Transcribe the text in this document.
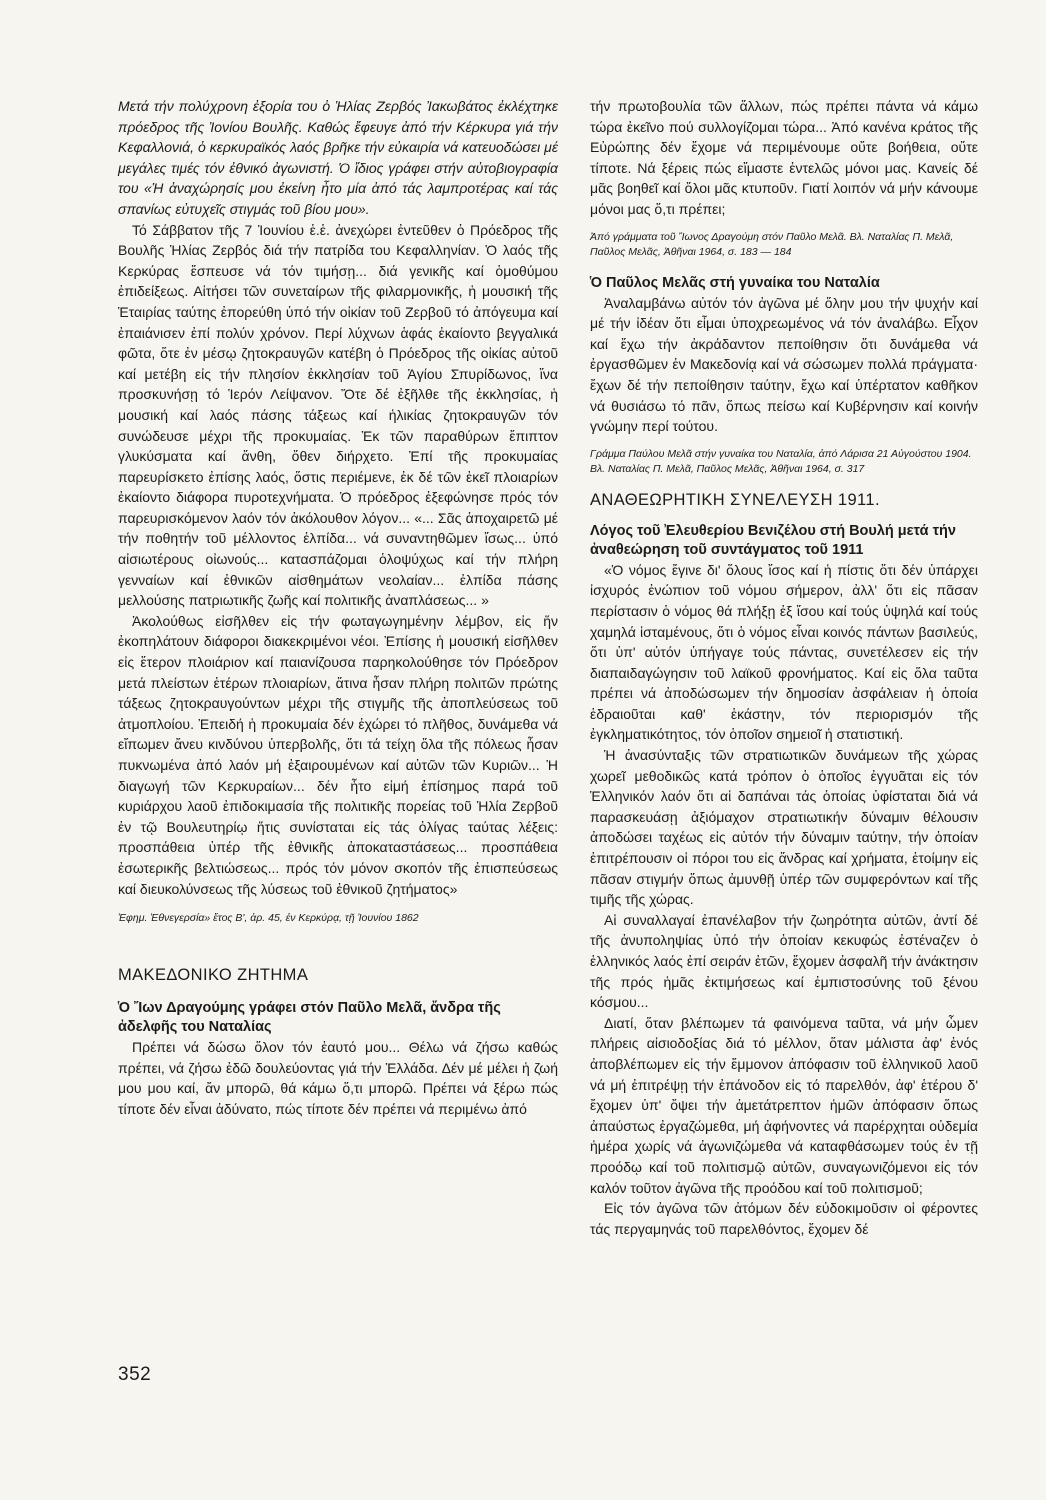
Μετά τήν πολύχρονη ἐξορία του ὁ Ἡλίας Ζερβός Ἰακωβάτος ἐκλέχτηκε πρόεδρος τῆς Ἰονίου Βουλῆς. Καθώς ἔφευγε ἀπό τήν Κέρκυρα γιά τήν Κεφαλλονιά, ὁ κερκυραϊκός λαός βρῆκε τήν εὐκαιρία νά κατευοδώσει μέ μεγάλες τιμές τόν ἐθνικό ἀγωνιστή. Ὁ ἴδιος γράφει στήν αὐτοβιογραφία του «Ἡ ἀναχώρησίς μου ἐκείνη ἦτο μία ἀπό τάς λαμπροτέρας καί τάς σπανίως εὐτυχεῖς στιγμάς τοῦ βίου μου».

Τό Σάββατον τῆς 7 Ἰουνίου ἑ.ἑ. ἀνεχώρει ἐντεῦθεν ὁ Πρόεδρος τῆς Βουλῆς Ἡλίας Ζερβός διά τήν πατρίδα του Κεφαλληνίαν. Ὁ λαός τῆς Κερκύρας ἔσπευσε νά τόν τιμήσῃ... διά γενικῆς καί ὁμοθύμου ἐπιδείξεως. Αἰτήσει τῶν συνεταίρων τῆς φιλαρμονικῆς, ἡ μουσική τῆς Ἑταιρίας ταύτης ἐπορεύθη ὑπό τήν οἰκίαν τοῦ Ζερβοῦ τό ἀπόγευμα καί ἐπαιάνισεν ἐπί πολύν χρόνον. Περί λύχνων ἁφάς ἐκαίοντο βεγγαλικά φῶτα, ὅτε ἐν μέσῳ ζητοκραυγῶν κατέβη ὁ Πρόεδρος τῆς οἰκίας αὐτοῦ καί μετέβη εἰς τήν πλησίον ἐκκλησίαν τοῦ Ἁγίου Σπυρίδωνος, ἵνα προσκυνήσῃ τό Ἱερόν Λείψανον. Ὅτε δέ ἐξῆλθε τῆς ἐκκλησίας, ἡ μουσική καί λαός πάσης τάξεως καί ἡλικίας ζητοκραυγῶν τόν συνώδευσε μέχρι τῆς προκυμαίας. Ἐκ τῶν παραθύρων ἔπιπτον γλυκύσματα καί ἄνθη, ὅθεν διήρχετο. Ἐπί τῆς προκυμαίας παρευρίσκετο ἐπίσης λαός, ὅστις περιέμενε, ἐκ δέ τῶν ἐκεῖ πλοιαρίων ἐκαίοντο διάφορα πυροτεχνήματα. Ὁ πρόεδρος ἐξεφώνησε πρός τόν παρευρισκόμενον λαόν τόν ἀκόλουθον λόγον... «... Σᾶς ἀποχαιρετῶ μέ τήν ποθητήν τοῦ μέλλοντος ἐλπίδα... νά συναντηθῶμεν ἴσως... ὑπό αἰσιωτέρους οἰωνούς... κατασπάζομαι ὁλοψύχως καί τήν πλήρη γενναίων καί ἐθνικῶν αἰσθημάτων νεολαίαν... ἐλπίδα πάσης μελλούσης πατριωτικῆς ζωῆς καί πολιτικῆς ἀναπλάσεως... »

Ἀκολούθως εἰσῆλθεν εἰς τήν φωταγωγημένην λέμβον, εἰς ἥν ἐκοπηλάτουν διάφοροι διακεκριμένοι νέοι. Ἐπίσης ἡ μουσική εἰσῆλθεν εἰς ἕτερον πλοιάριον καί παιανίζουσα παρηκολούθησε τόν Πρόεδρον μετά πλείστων ἑτέρων πλοιαρίων, ἅτινα ἦσαν πλήρη πολιτῶν πρώτης τάξεως ζητοκραυγούντων μέχρι τῆς στιγμῆς τῆς ἀποπλεύσεως τοῦ ἀτμοπλοίου. Ἐπειδή ἡ προκυμαία δέν ἐχώρει τό πλῆθος, δυνάμεθα νά εἴπωμεν ἄνευ κινδύνου ὑπερβολῆς, ὅτι τά τείχη ὅλα τῆς πόλεως ἦσαν πυκνωμένα ἀπό λαόν μή ἐξαιρουμένων καί αὐτῶν τῶν Κυριῶν... Ἡ διαγωγή τῶν Κερκυραίων... δέν ἦτο εἰμή ἐπίσημος παρά τοῦ κυριάρχου λαοῦ ἐπιδοκιμασία τῆς πολιτικῆς πορείας τοῦ Ἡλία Ζερβοῦ ἐν τῷ Βουλευτηρίῳ ἥτις συνίσταται εἰς τάς ὀλίγας ταύτας λέξεις: προσπάθεια ὑπέρ τῆς ἐθνικῆς ἀποκαταστάσεως... προσπάθεια ἐσωτερικῆς βελτιώσεως... πρός τόν μόνον σκοπόν τῆς ἐπισπεύσεως καί διευκολύνσεως τῆς λύσεως τοῦ ἐθνικοῦ ζητήματος»

Ἐφημ. Ἐθνεγερσία» ἔτος Β', ἀρ. 45, ἐν Κερκύρᾳ, τῇ Ἰουνίου 1862

ΜΑΚΕΔΟΝΙΚΟ ΖΗΤΗΜΑ

Ὁ Ἴων Δραγούμης γράφει στόν Παῦλο Μελᾶ, ἄνδρα τῆς ἀδελφῆς του Ναταλίας

Πρέπει νά δώσω ὅλον τόν ἑαυτό μου... Θέλω νά ζήσω καθώς πρέπει, νά ζήσω ἐδῶ δουλεύοντας γιά τήν Ἑλλάδα. Δέν μέ μέλει ἡ ζωή μου μου καί, ἄν μπορῶ, θά κάμω ὅ,τι μπορῶ. Πρέπει νά ξέρω πώς τίποτε δέν εἶναι ἀδύνατο, πώς τίποτε δέν πρέπει νά περιμένω ἀπό

τήν πρωτοβουλία τῶν ἄλλων, πώς πρέπει πάντα νά κάμω τώρα ἐκεῖνο πού συλλογίζομαι τώρα... Ἀπό κανένα κράτος τῆς Εὐρώπης δέν ἔχομε νά περιμένουμε οὔτε βοήθεια, οὔτε τίποτε. Νά ξέρεις πώς εἴμαστε ἐντελῶς μόνοι μας. Κανείς δέ μᾶς βοηθεῖ καί ὅλοι μᾶς κτυποῦν. Γιατί λοιπόν νά μήν κάνουμε μόνοι μας ὅ,τι πρέπει;

Ἀπό γράμματα τοῦ Ἴωνος Δραγούμη στόν Παῦλο Μελᾶ. Βλ. Ναταλίας Π. Μελᾶ, Παῦλος Μελᾶς, Ἀθῆναι 1964, σ. 183 — 184

Ὁ Παῦλος Μελᾶς στή γυναίκα του Ναταλία

Ἀναλαμβάνω αὐτόν τόν ἀγῶνα μέ ὅλην μου τήν ψυχήν καί μέ τήν ἰδέαν ὅτι εἶμαι ὑποχρεωμένος νά τόν ἀναλάβω. Εἶχον καί ἔχω τήν ἀκράδαντον πεποίθησιν ὅτι δυνάμεθα νά ἐργασθῶμεν ἐν Μακεδονίᾳ καί νά σώσωμεν πολλά πράγματα· ἔχων δέ τήν πεποίθησιν ταύτην, ἔχω καί ὑπέρτατον καθῆκον νά θυσιάσω τό πᾶν, ὅπως πείσω καί Κυβέρνησιν καί κοινήν γνώμην περί τούτου.

Γράμμα Παύλου Μελᾶ στήν γυναίκα του Ναταλία, ἀπό Λάρισα 21 Αὐγούστου 1904. Βλ. Ναταλίας Π. Μελᾶ, Παῦλος Μελᾶς, Ἀθῆναι 1964, σ. 317

ΑΝΑΘΕΩΡΗΤΙΚΗ ΣΥΝΕΛΕΥΣΗ 1911.

Λόγος τοῦ Ἐλευθερίου Βενιζέλου στή Βουλή μετά τήν ἀναθεώρηση τοῦ συντάγματος τοῦ 1911

«Ὁ νόμος ἔγινε δι' ὅλους ἴσος καί ἡ πίστις ὅτι δέν ὑπάρχει ἰσχυρός ἐνώπιον τοῦ νόμου σήμερον, ἀλλ' ὅτι εἰς πᾶσαν περίστασιν ὁ νόμος θά πλήξῃ ἐξ ἴσου καί τούς ὑψηλά καί τούς χαμηλά ἱσταμένους, ὅτι ὁ νόμος εἶναι κοινός πάντων βασιλεύς, ὅτι ὑπ' αὐτόν ὑπήγαγε τούς πάντας, συνετέλεσεν εἰς τήν διαπαιδαγώγησιν τοῦ λαϊκοῦ φρονήματος. Καί εἰς ὅλα ταῦτα πρέπει νά ἀποδώσωμεν τήν δημοσίαν ἀσφάλειαν ἡ ὁποία ἑδραιοῦται καθ' ἑκάστην, τόν περιορισμόν τῆς ἐγκληματικότητος, τόν ὁποῖον σημειοῖ ἡ στατιστική.

Ἡ ἀνασύνταξις τῶν στρατιωτικῶν δυνάμεων τῆς χώρας χωρεῖ μεθοδικῶς κατά τρόπον ὁ ὁποῖος ἐγγυᾶται εἰς τόν Ἑλληνικόν λαόν ὅτι αἱ δαπάναι τάς ὁποίας ὑφίσταται διά νά παρασκευάσῃ ἀξιόμαχον στρατιωτικήν δύναμιν θέλουσιν ἀποδώσει ταχέως εἰς αὐτόν τήν δύναμιν ταύτην, τήν ὁποίαν ἐπιτρέπουσιν οἱ πόροι του εἰς ἄνδρας καί χρήματα, ἑτοίμην εἰς πᾶσαν στιγμήν ὅπως ἀμυνθῇ ὑπέρ τῶν συμφερόντων καί τῆς τιμῆς τῆς χώρας.

Αἱ συναλλαγαί ἐπανέλαβον τήν ζωηρότητα αὐτῶν, ἀντί δέ τῆς ἀνυποληψίας ὑπό τήν ὁποίαν κεκυφώς ἐστέναζεν ὁ ἑλληνικός λαός ἐπί σειράν ἐτῶν, ἔχομεν ἀσφαλῆ τήν ἀνάκτησιν τῆς πρός ἡμᾶς ἐκτιμήσεως καί ἐμπιστοσύνης τοῦ ξένου κόσμου...

Διατί, ὅταν βλέπωμεν τά φαινόμενα ταῦτα, νά μήν ὦμεν πλήρεις αἰσιοδοξίας διά τό μέλλον, ὅταν μάλιστα ἀφ' ἑνός ἀποβλέπωμεν εἰς τήν ἔμμονον ἀπόφασιν τοῦ ἑλληνικοῦ λαοῦ νά μή ἐπιτρέψῃ τήν ἐπάνοδον εἰς τό παρελθόν, ἀφ' ἑτέρου δ' ἔχομεν ὑπ' ὄψει τήν ἀμετάτρεπτον ἡμῶν ἀπόφασιν ὅπως ἀπαύστως ἐργαζώμεθα, μή ἀφήνοντες νά παρέρχηται οὐδεμία ἡμέρα χωρίς νά ἀγωνιζώμεθα νά καταφθάσωμεν τούς ἐν τῇ προόδῳ καί τοῦ πολιτισμῷ αὐτῶν, συναγωνιζόμενοι εἰς τόν καλόν τοῦτον ἀγῶνα τῆς προόδου καί τοῦ πολιτισμοῦ;

Εἰς τόν ἀγῶνα τῶν ἀτόμων δέν εὐδοκιμοῦσιν οἱ φέροντες τάς περγαμηνάς τοῦ παρελθόντος, ἔχομεν δέ

352
